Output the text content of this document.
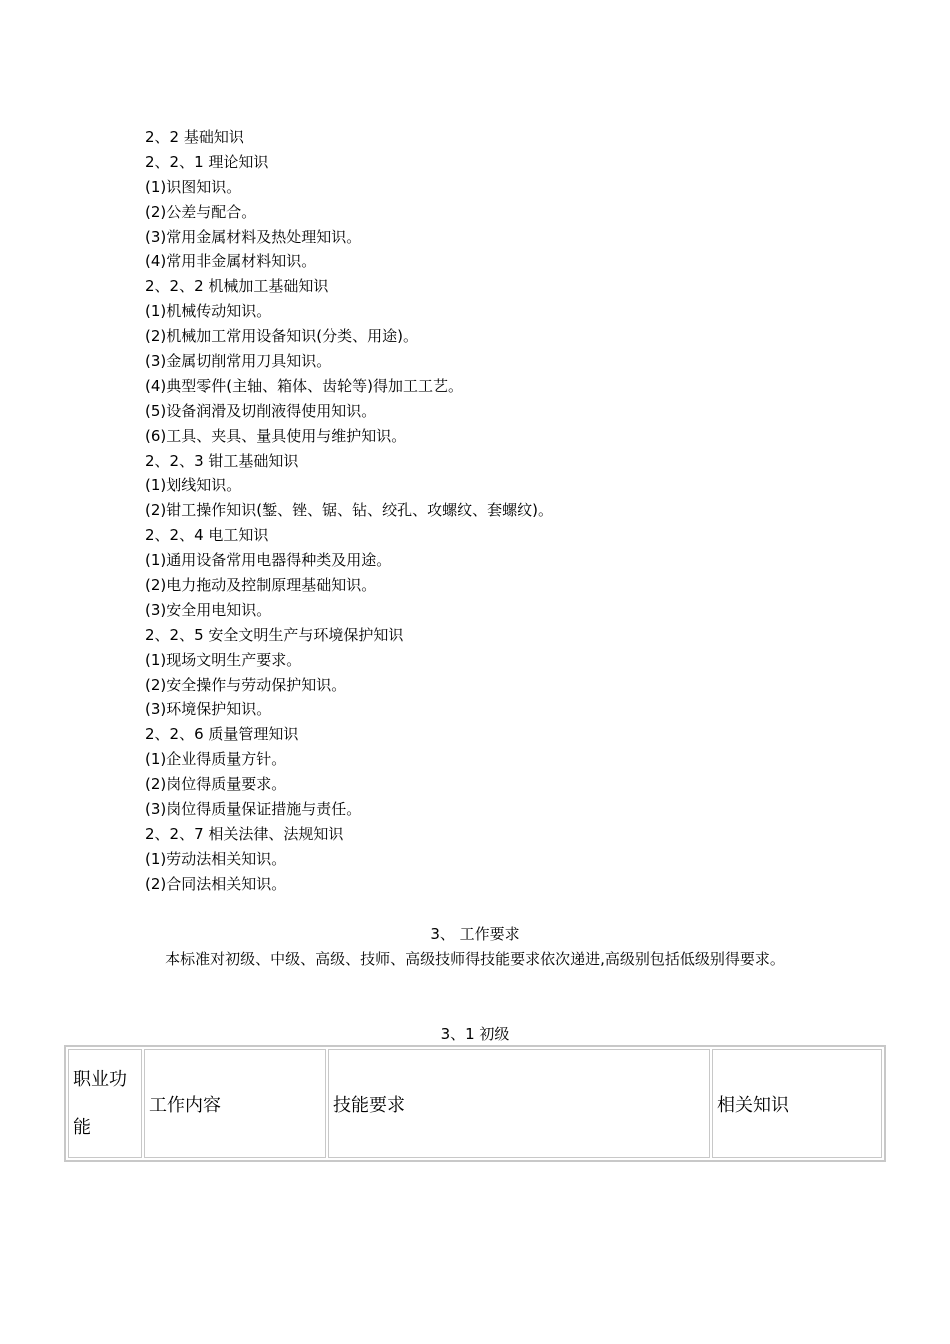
2、2 基础知识
2、2、1 理论知识
(1)识图知识。
(2)公差与配合。
(3)常用金属材料及热处理知识。
(4)常用非金属材料知识。
2、2、2 机械加工基础知识
(1)机械传动知识。
(2)机械加工常用设备知识(分类、用途)。
(3)金属切削常用刀具知识。
(4)典型零件(主轴、箱体、齿轮等)得加工工艺。
(5)设备润滑及切削液得使用知识。
(6)工具、夹具、量具使用与维护知识。
2、2、3 钳工基础知识
(1)划线知识。
(2)钳工操作知识(錾、锉、锯、钻、绞孔、攻螺纹、套螺纹)。
2、2、4 电工知识
(1)通用设备常用电器得种类及用途。
(2)电力拖动及控制原理基础知识。
(3)安全用电知识。
2、2、5 安全文明生产与环境保护知识
(1)现场文明生产要求。
(2)安全操作与劳动保护知识。
(3)环境保护知识。
2、2、6 质量管理知识
(1)企业得质量方针。
(2)岗位得质量要求。
(3)岗位得质量保证措施与责任。
2、2、7 相关法律、法规知识
(1)劳动法相关知识。
(2)合同法相关知识。
3、 工作要求
本标准对初级、中级、高级、技师、高级技师得技能要求依次递进,高级别包括低级别得要求。
3、1 初级
职业功能	工作内容	技能要求	相关知识
